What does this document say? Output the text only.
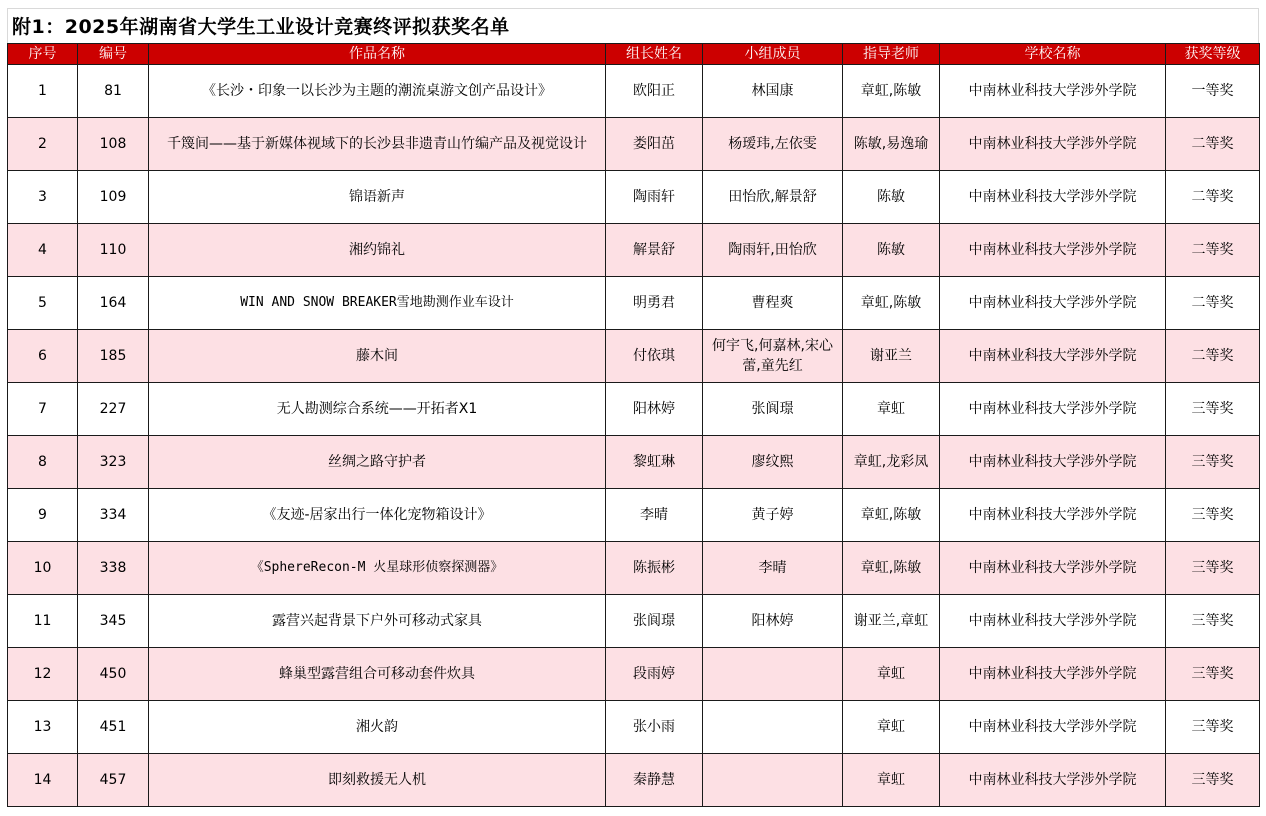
附1：2025年湖南省大学生工业设计竞赛终评拟获奖名单
序号	编号	作品名称	组长姓名	小组成员	指导老师	学校名称	获奖等级
1	81	《长沙・印象一以长沙为主题的潮流桌游文创产品设计》	欧阳正	林国康	章虹,陈敏	中南林业科技大学涉外学院	一等奖
2	108	千篾间——基于新媒体视域下的长沙县非遗青山竹编产品及视觉设计	娄阳茁	杨瑷玮,左依雯	陈敏,易逸瑜	中南林业科技大学涉外学院	二等奖
3	109	锦语新声	陶雨轩	田怡欣,解景舒	陈敏	中南林业科技大学涉外学院	二等奖
4	110	湘约锦礼	解景舒	陶雨轩,田怡欣	陈敏	中南林业科技大学涉外学院	二等奖
5	164	WIN AND SNOW BREAKER雪地勘测作业车设计	明勇君	曹程爽	章虹,陈敏	中南林业科技大学涉外学院	二等奖
6	185	藤木间	付依琪	何宇飞,何嘉林,宋心蕾,童先红	谢亚兰	中南林业科技大学涉外学院	二等奖
7	227	无人勘测综合系统——开拓者X1	阳林婷	张阆璟	章虹	中南林业科技大学涉外学院	三等奖
8	323	丝绸之路守护者	黎虹琳	廖纹熙	章虹,龙彩凤	中南林业科技大学涉外学院	三等奖
9	334	《友迹-居家出行一体化宠物箱设计》	李晴	黄子婷	章虹,陈敏	中南林业科技大学涉外学院	三等奖
10	338	《SphereRecon-M 火星球形侦察探测器》	陈振彬	李晴	章虹,陈敏	中南林业科技大学涉外学院	三等奖
11	345	露营兴起背景下户外可移动式家具	张阆璟	阳林婷	谢亚兰,章虹	中南林业科技大学涉外学院	三等奖
12	450	蜂巢型露营组合可移动套件炊具	段雨婷		章虹	中南林业科技大学涉外学院	三等奖
13	451	湘火韵	张小雨		章虹	中南林业科技大学涉外学院	三等奖
14	457	即刻救援无人机	秦静慧		章虹	中南林业科技大学涉外学院	三等奖
